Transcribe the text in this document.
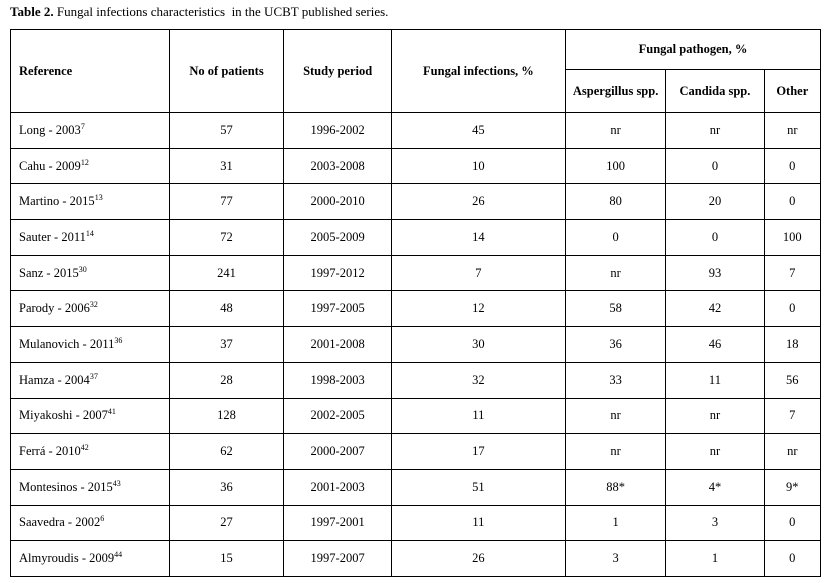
Table 2. Fungal infections characteristics  in the UCBT published series.
Reference	No of patients	Study period	Fungal infections, %	Fungal pathogen, %		
				Aspergillus spp.	Candida spp.	Other
Long - 2003$^7$	57	1996-2002	45	nr	nr	nr
Cahu - 2009$^{12}$	31	2003-2008	10	100	0	0
Martino - 2015$^{13}$	77	2000-2010	26	80	20	0
Sauter - 2011$^{14}$	72	2005-2009	14	0	0	100
Sanz - 2015$^{30}$	241	1997-2012	7	nr	93	7
Parody - 2006$^{32}$	48	1997-2005	12	58	42	0
Mulanovich - 2011$^{36}$	37	2001-2008	30	36	46	18
Hamza - 2004$^{37}$	28	1998-2003	32	33	11	56
Miyakoshi - 2007$^{41}$	128	2002-2005	11	nr	nr	7
Ferrá - 2010$^{42}$	62	2000-2007	17	nr	nr	nr
Montesinos - 2015$^{43}$	36	2001-2003	51	88*	4*	9*
Saavedra - 2002$^6$	27	1997-2001	11	1	3	0
Almyroudis - 2009$^{44}$	15	1997-2007	26	3	1	0
